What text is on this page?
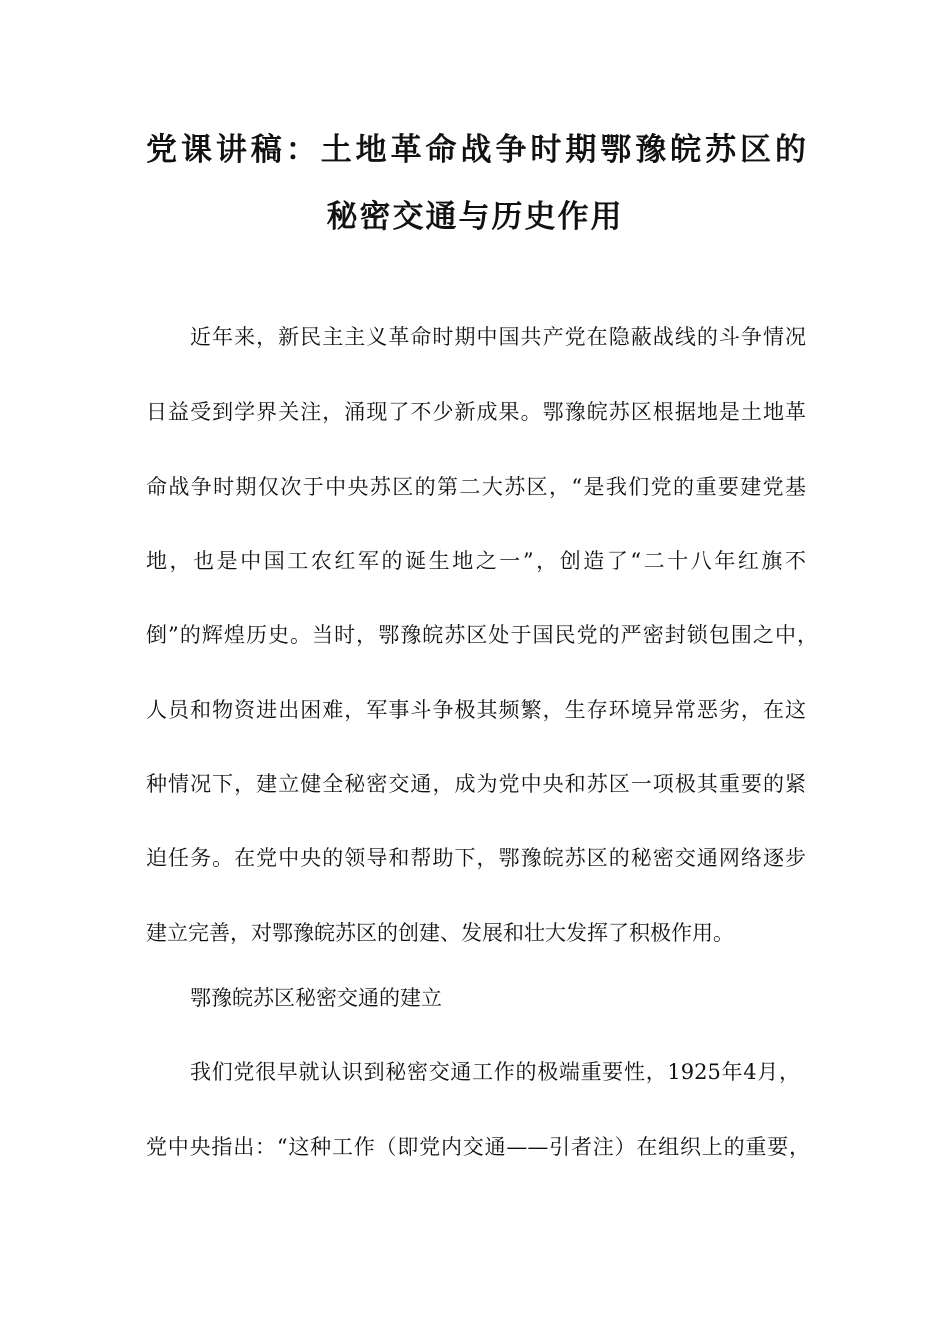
党课讲稿：土地革命战争时期鄂豫皖苏区的
秘密交通与历史作用
近年来，新民主主义革命时期中国共产党在隐蔽战线的斗争情况
日益受到学界关注，涌现了不少新成果。鄂豫皖苏区根据地是土地革
命战争时期仅次于中央苏区的第二大苏区，“是我们党的重要建党基
地，也是中国工农红军的诞生地之一”，创造了“二十八年红旗不
倒”的辉煌历史。当时，鄂豫皖苏区处于国民党的严密封锁包围之中，
人员和物资进出困难，军事斗争极其频繁，生存环境异常恶劣，在这
种情况下，建立健全秘密交通，成为党中央和苏区一项极其重要的紧
迫任务。在党中央的领导和帮助下，鄂豫皖苏区的秘密交通网络逐步
建立完善，对鄂豫皖苏区的创建、发展和壮大发挥了积极作用。
鄂豫皖苏区秘密交通的建立
我们党很早就认识到秘密交通工作的极端重要性，1925年4月，
党中央指出：“这种工作（即党内交通——引者注）在组织上的重要，
